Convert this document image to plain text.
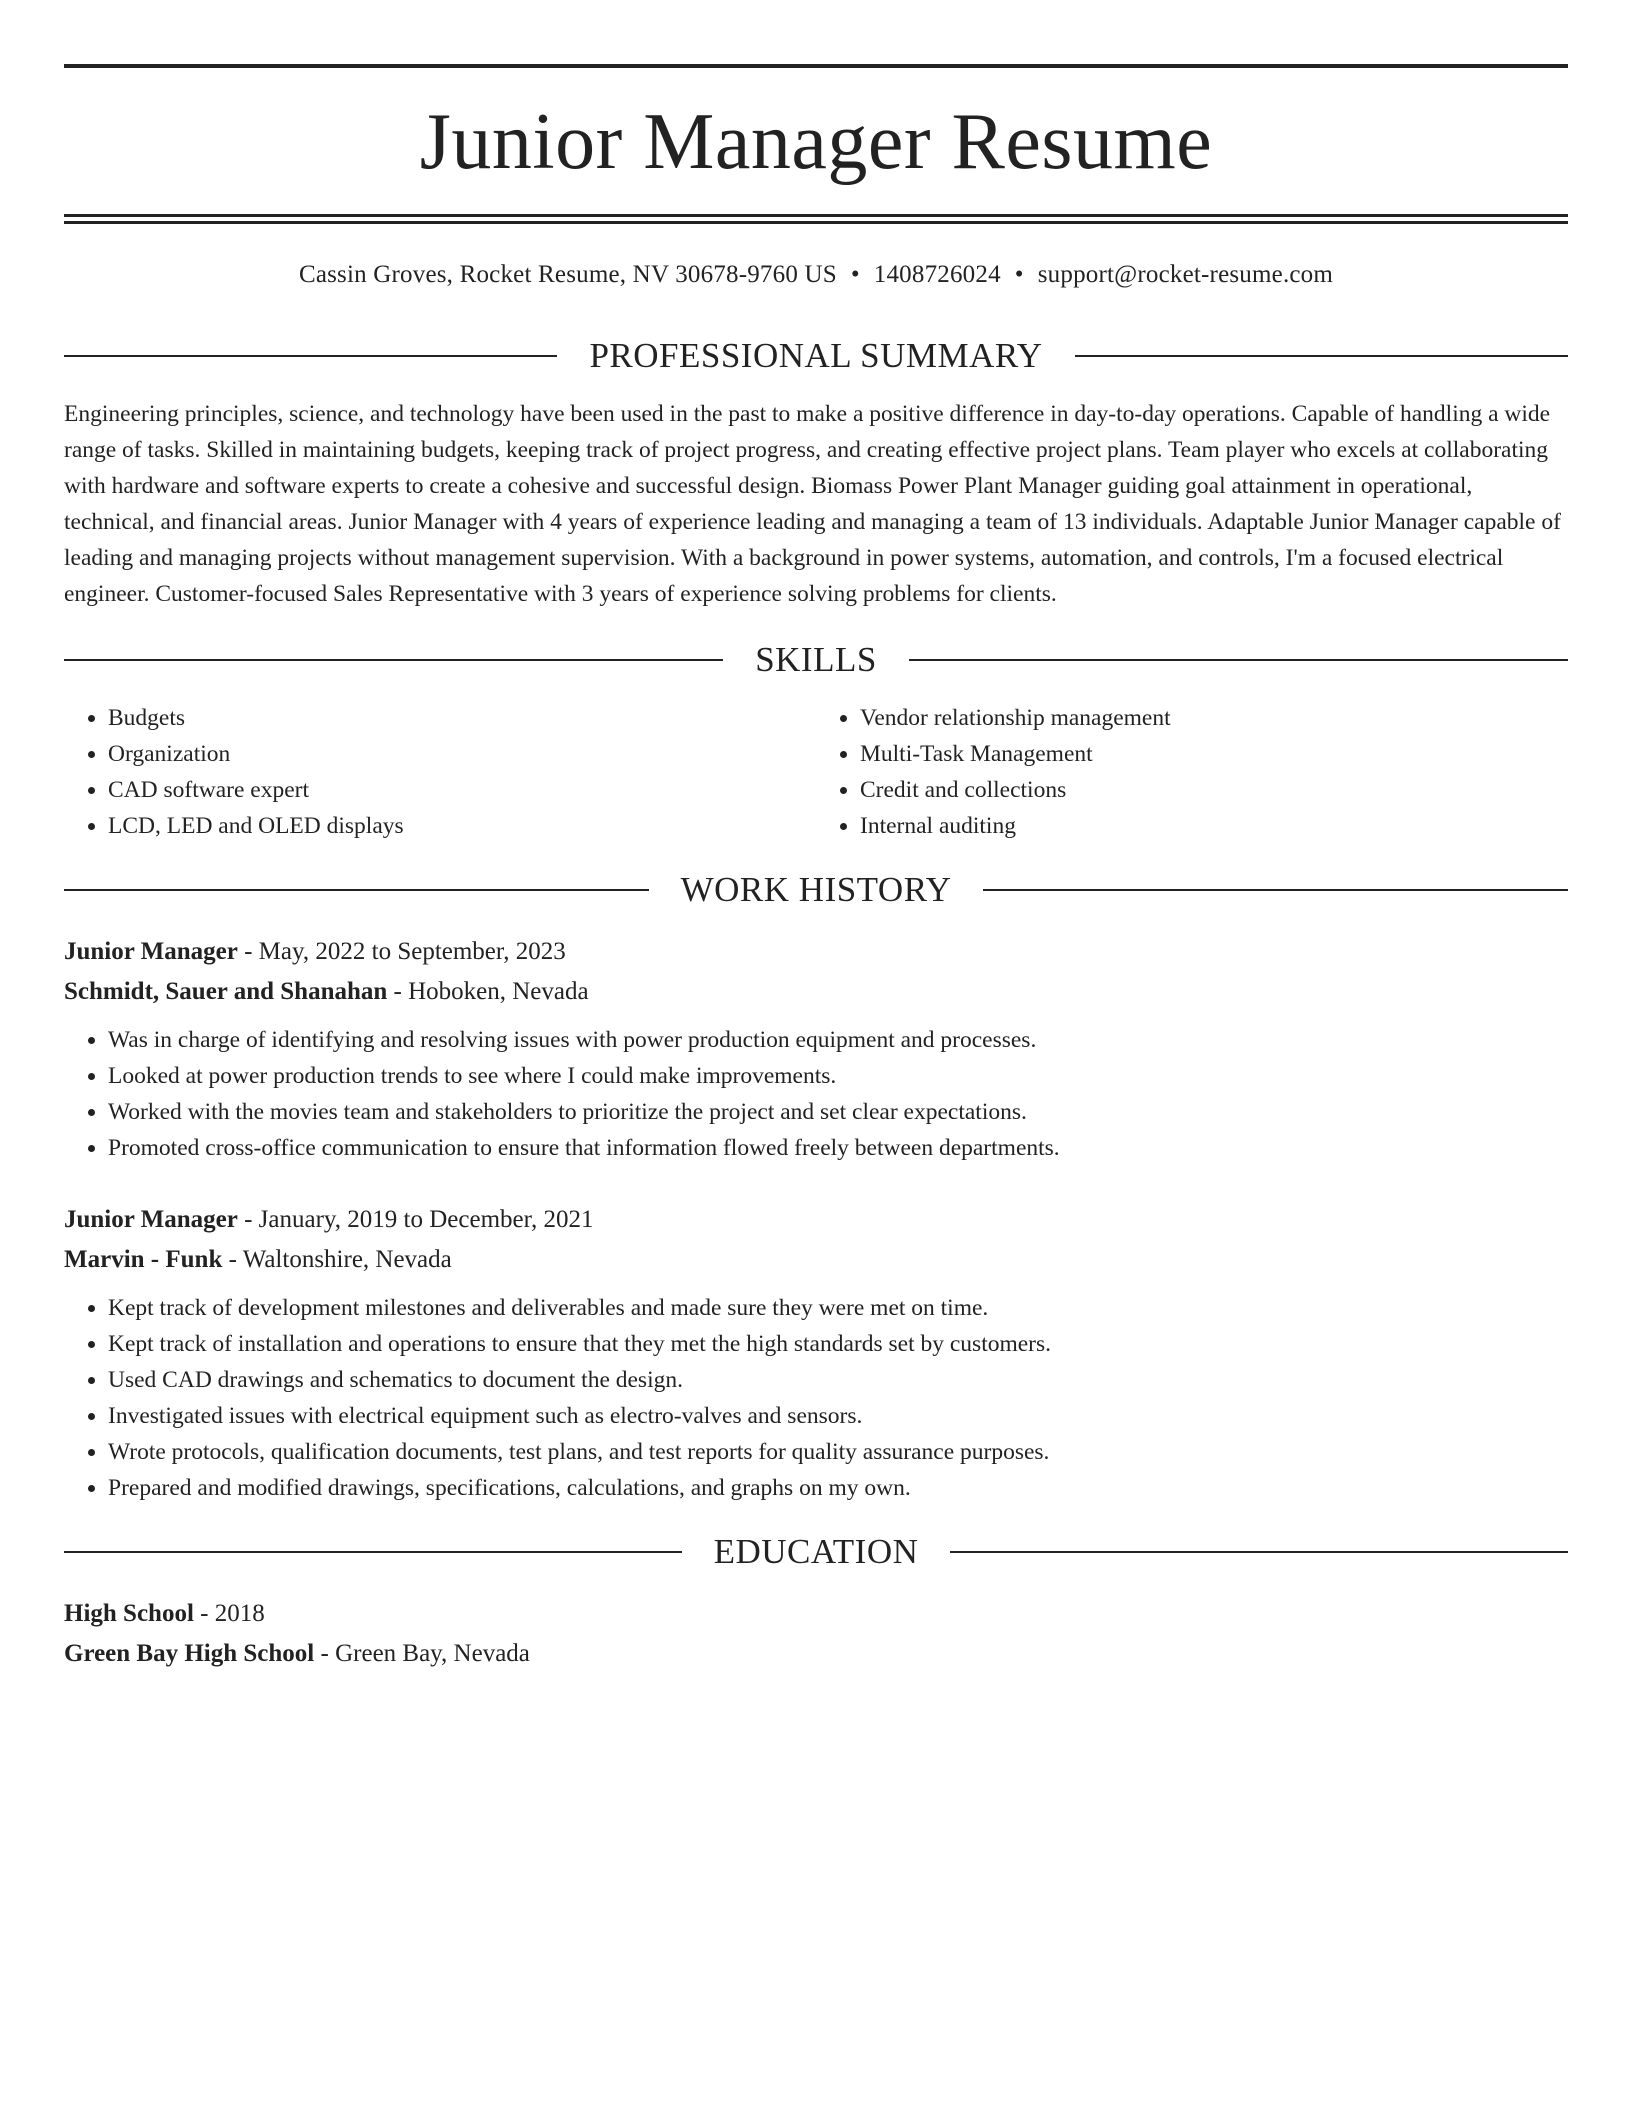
Junior Manager Resume
Cassin Groves, Rocket Resume, NV 30678-9760 US • 1408726024 • support@rocket-resume.com
PROFESSIONAL SUMMARY
Engineering principles, science, and technology have been used in the past to make a positive difference in day-to-day operations. Capable of handling a wide range of tasks. Skilled in maintaining budgets, keeping track of project progress, and creating effective project plans. Team player who excels at collaborating with hardware and software experts to create a cohesive and successful design. Biomass Power Plant Manager guiding goal attainment in operational, technical, and financial areas. Junior Manager with 4 years of experience leading and managing a team of 13 individuals. Adaptable Junior Manager capable of leading and managing projects without management supervision. With a background in power systems, automation, and controls, I'm a focused electrical engineer. Customer-focused Sales Representative with 3 years of experience solving problems for clients.
SKILLS
• Budgets
• Organization
• CAD software expert
• LCD, LED and OLED displays
• Vendor relationship management
• Multi-Task Management
• Credit and collections
• Internal auditing
WORK HISTORY
Junior Manager - May, 2022 to September, 2023
Schmidt, Sauer and Shanahan - Hoboken, Nevada
• Was in charge of identifying and resolving issues with power production equipment and processes.
• Looked at power production trends to see where I could make improvements.
• Worked with the movies team and stakeholders to prioritize the project and set clear expectations.
• Promoted cross-office communication to ensure that information flowed freely between departments.
Junior Manager - January, 2019 to December, 2021
Marvin - Funk - Waltonshire, Nevada
• Kept track of development milestones and deliverables and made sure they were met on time.
• Kept track of installation and operations to ensure that they met the high standards set by customers.
• Used CAD drawings and schematics to document the design.
• Investigated issues with electrical equipment such as electro-valves and sensors.
• Wrote protocols, qualification documents, test plans, and test reports for quality assurance purposes.
• Prepared and modified drawings, specifications, calculations, and graphs on my own.
EDUCATION
High School - 2018
Green Bay High School - Green Bay, Nevada
